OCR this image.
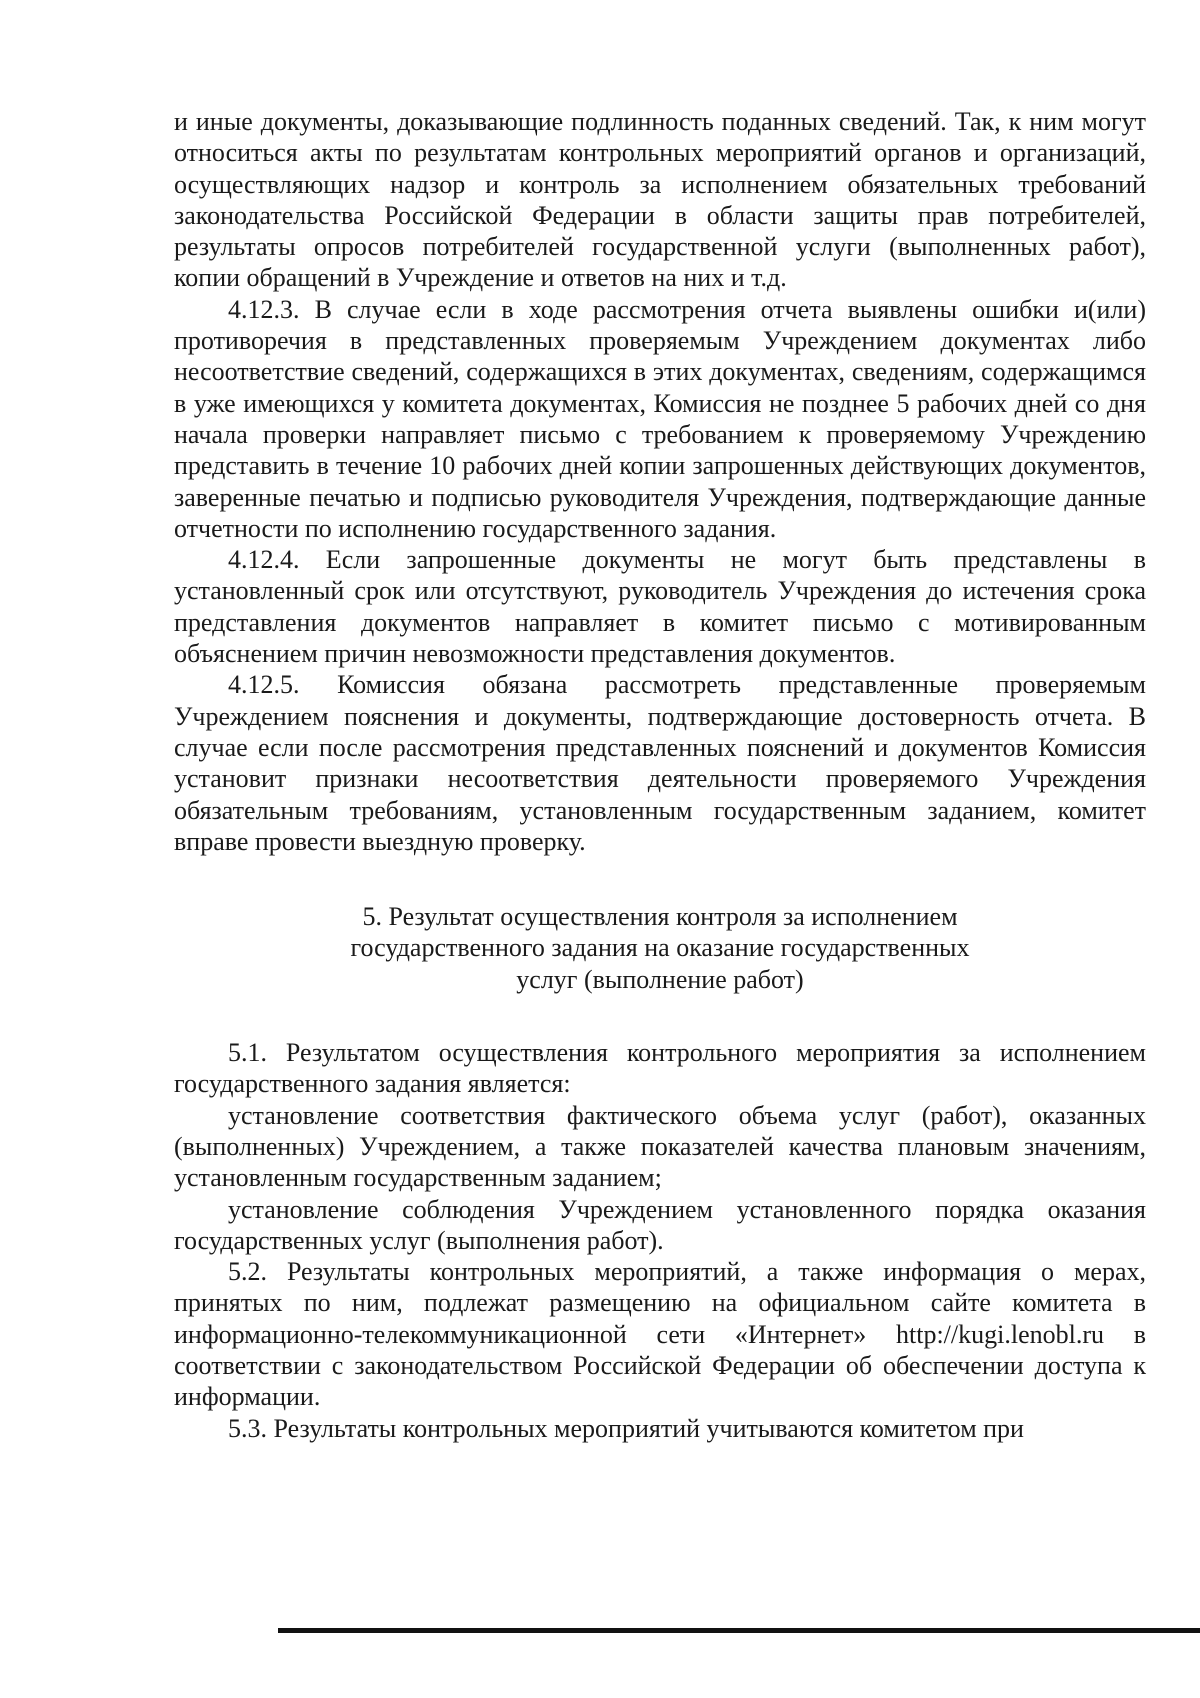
и иные документы, доказывающие подлинность поданных сведений. Так, к ним могут относиться акты по результатам контрольных мероприятий органов и организаций, осуществляющих надзор и контроль за исполнением обязательных требований законодательства Российской Федерации в области защиты прав потребителей, результаты опросов потребителей государственной услуги (выполненных работ), копии обращений в Учреждение и ответов на них и т.д.

4.12.3. В случае если в ходе рассмотрения отчета выявлены ошибки и(или) противоречия в представленных проверяемым Учреждением документах либо несоответствие сведений, содержащихся в этих документах, сведениям, содержащимся в уже имеющихся у комитета документах, Комиссия не позднее 5 рабочих дней со дня начала проверки направляет письмо с требованием к проверяемому Учреждению представить в течение 10 рабочих дней копии запрошенных действующих документов, заверенные печатью и подписью руководителя Учреждения, подтверждающие данные отчетности по исполнению государственного задания.

4.12.4. Если запрошенные документы не могут быть представлены в установленный срок или отсутствуют, руководитель Учреждения до истечения срока представления документов направляет в комитет письмо с мотивированным объяснением причин невозможности представления документов.

4.12.5. Комиссия обязана рассмотреть представленные проверяемым Учреждением пояснения и документы, подтверждающие достоверность отчета. В случае если после рассмотрения представленных пояснений и документов Комиссия установит признаки несоответствия деятельности проверяемого Учреждения обязательным требованиям, установленным государственным заданием, комитет вправе провести выездную проверку.

5. Результат осуществления контроля за исполнением
государственного задания на оказание государственных
услуг (выполнение работ)

5.1. Результатом осуществления контрольного мероприятия за исполнением государственного задания является:

установление соответствия фактического объема услуг (работ), оказанных (выполненных) Учреждением, а также показателей качества плановым значениям, установленным государственным заданием;

установление соблюдения Учреждением установленного порядка оказания государственных услуг (выполнения работ).

5.2. Результаты контрольных мероприятий, а также информация о мерах, принятых по ним, подлежат размещению на официальном сайте комитета в информационно-телекоммуникационной сети «Интернет» http://kugi.lenobl.ru в соответствии с законодательством Российской Федерации об обеспечении доступа к информации.

5.3. Результаты контрольных мероприятий учитываются комитетом при
